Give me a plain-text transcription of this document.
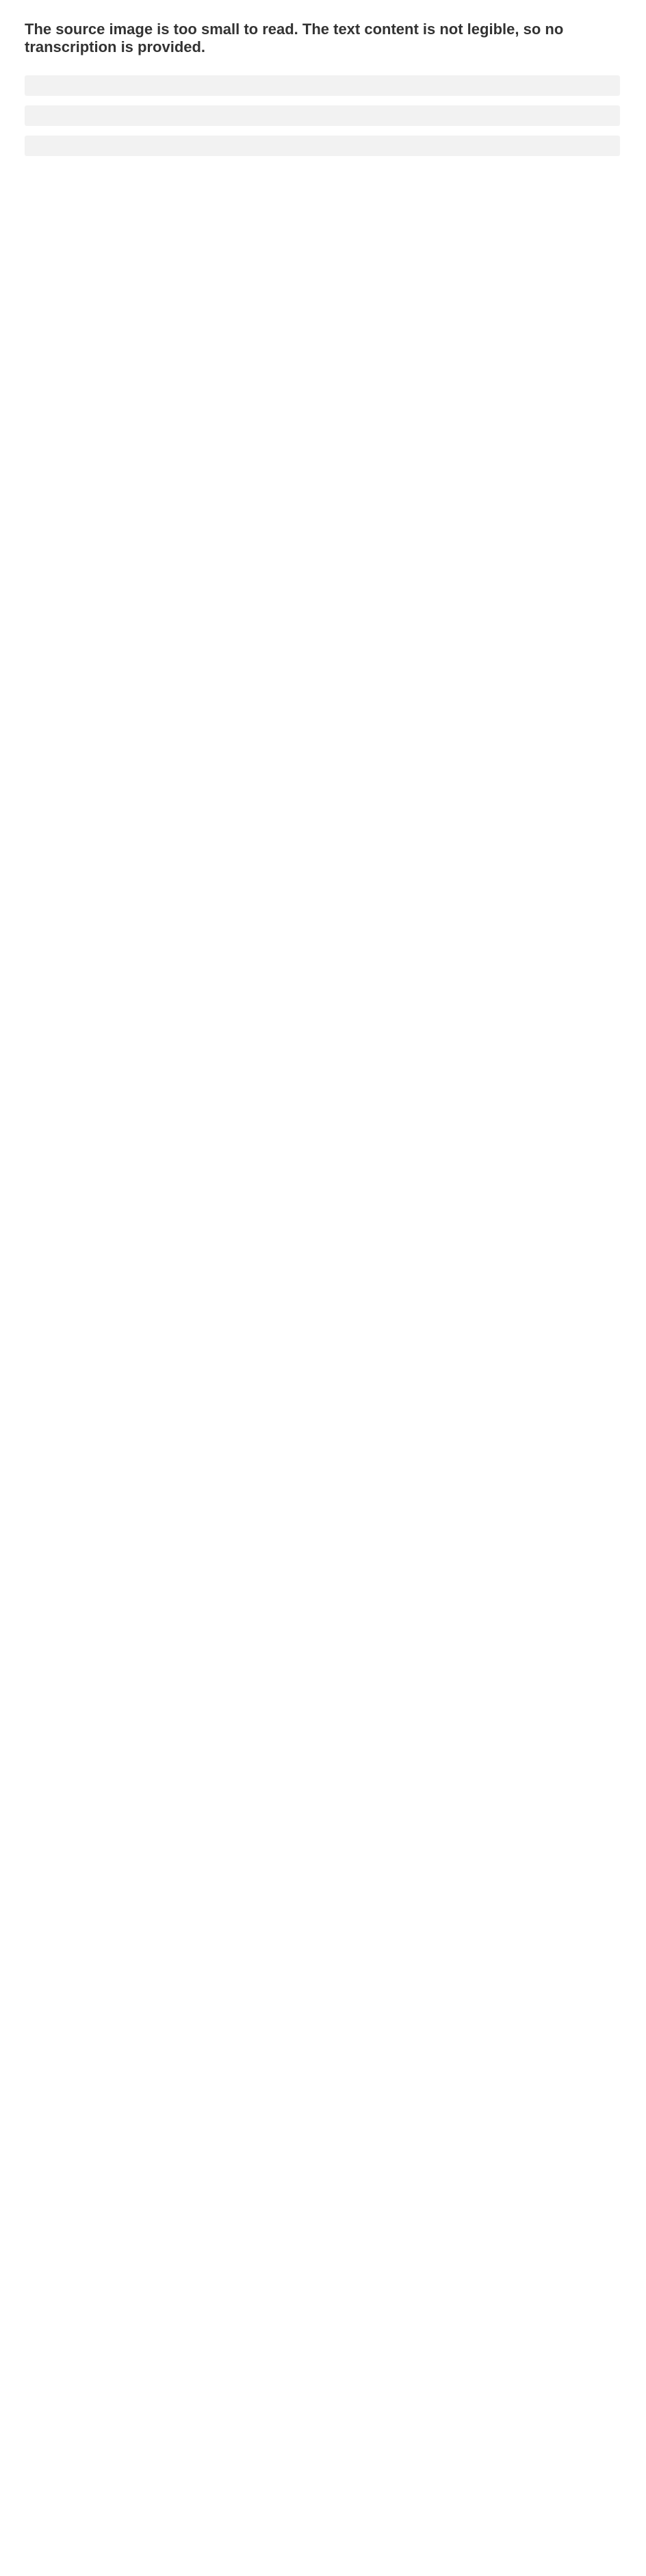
The source image is too small to read. The text content is not legible, so no transcription is provided.
